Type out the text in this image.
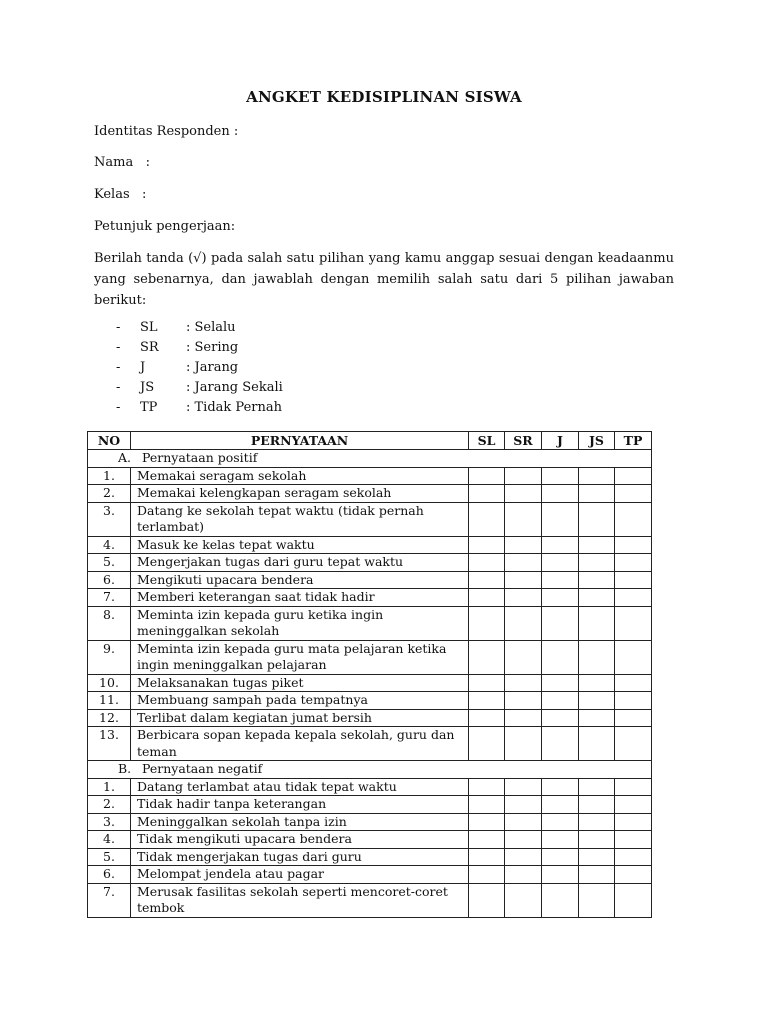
ANGKET KEDISIPLINAN SISWA
Identitas Responden :
Nama   :
Kelas   :
Petunjuk pengerjaan:
Berilah tanda (√) pada salah satu pilihan yang kamu anggap sesuai dengan keadaanmu yang sebenarnya, dan jawablah dengan memilih salah satu dari 5 pilihan jawaban berikut:
- SL : Selalu
- SR : Sering
- J	: Jarang
- JS : Jarang Sekali
- TP : Tidak Pernah
NO	PERNYATAAN	SL	SR	J	JS	TP
A. Pernyataan positif						
1.	Memakai seragam sekolah					
2.	Memakai kelengkapan seragam sekolah					
3.	Datang ke sekolah tepat waktu (tidak pernah terlambat)					
4.	Masuk ke kelas tepat waktu					
5.	Mengerjakan tugas dari guru tepat waktu					
6.	Mengikuti upacara bendera					
7.	Memberi keterangan saat tidak hadir					
8.	Meminta izin kepada guru ketika ingin meninggalkan sekolah					
9.	Meminta izin kepada guru mata pelajaran ketika ingin meninggalkan pelajaran					
10.	Melaksanakan tugas piket					
11.	Membuang sampah pada tempatnya					
12.	Terlibat dalam kegiatan jumat bersih					
13.	Berbicara sopan kepada kepala sekolah, guru dan teman					
B. Pernyataan negatif						
1.	Datang terlambat atau tidak tepat waktu					
2.	Tidak hadir tanpa keterangan					
3.	Meninggalkan sekolah tanpa izin					
4.	Tidak mengikuti upacara bendera					
5.	Tidak mengerjakan tugas dari guru					
6.	Melompat jendela atau pagar					
7.	Merusak fasilitas sekolah seperti mencoret-coret tembok					
